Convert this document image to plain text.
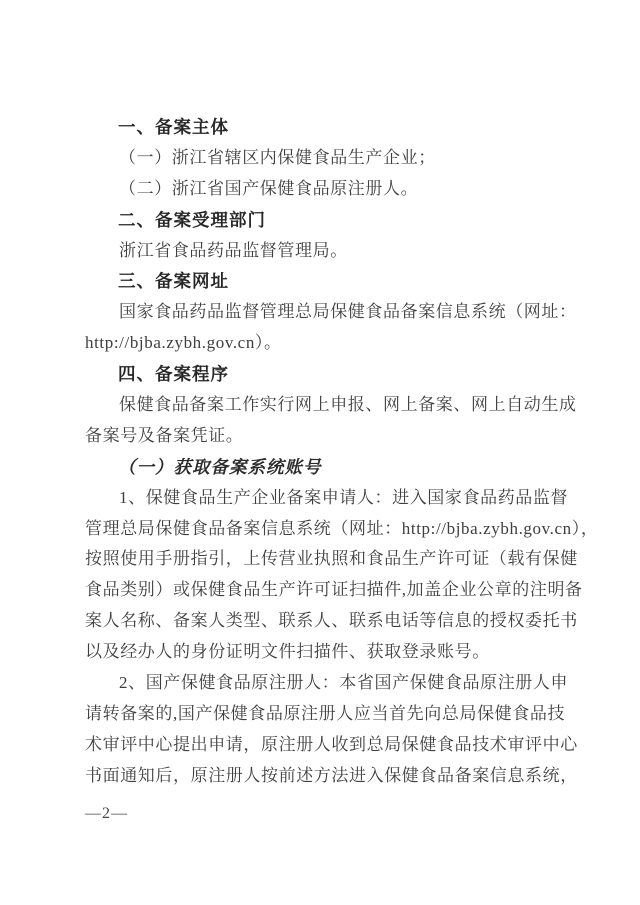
一、备案主体
（一）浙江省辖区内保健食品生产企业；
（二）浙江省国产保健食品原注册人。
二、备案受理部门
浙江省食品药品监督管理局。
三、备案网址
国家食品药品监督管理总局保健食品备案信息系统（网址：
http://bjba.zybh.gov.cn）。
四、备案程序
保健食品备案工作实行网上申报、网上备案、网上自动生成
备案号及备案凭证。
（一）获取备案系统账号
1、保健食品生产企业备案申请人：进入国家食品药品监督
管理总局保健食品备案信息系统（网址：http://bjba.zybh.gov.cn），
按照使用手册指引，上传营业执照和食品生产许可证（载有保健
食品类别）或保健食品生产许可证扫描件,加盖企业公章的注明备
案人名称、备案人类型、联系人、联系电话等信息的授权委托书
以及经办人的身份证明文件扫描件、获取登录账号。
2、国产保健食品原注册人：本省国产保健食品原注册人申
请转备案的,国产保健食品原注册人应当首先向总局保健食品技
术审评中心提出申请，原注册人收到总局保健食品技术审评中心
书面通知后，原注册人按前述方法进入保健食品备案信息系统，
—2—
